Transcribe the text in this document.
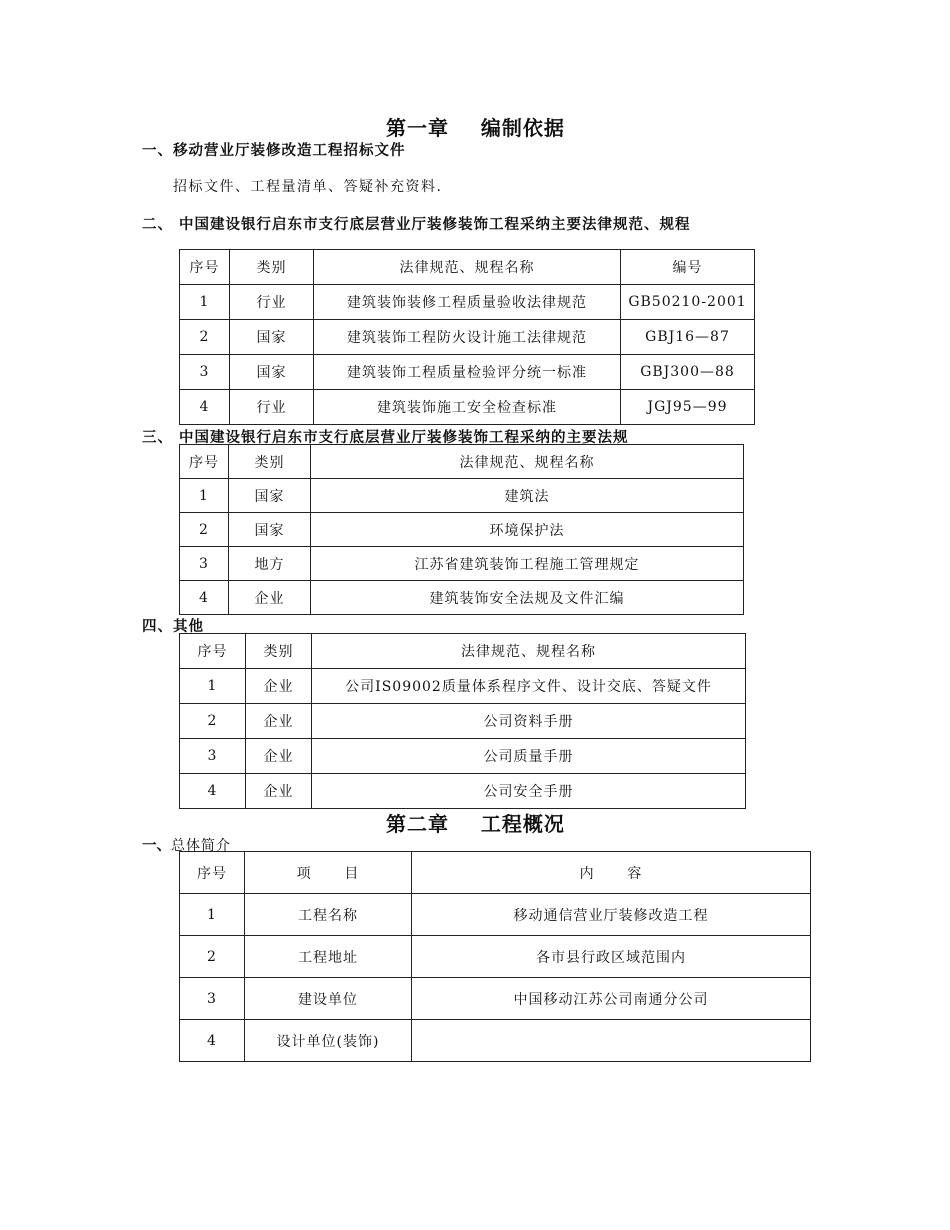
第一章    编制依据
一、移动营业厅装修改造工程招标文件
招标文件、工程量清单、答疑补充资料.
二、 中国建设银行启东市支行底层营业厅装修装饰工程采纳主要法律规范、规程
序号	类别	法律规范、规程名称	编号
1	行业	建筑装饰装修工程质量验收法律规范	GB50210-2001
2	国家	建筑装饰工程防火设计施工法律规范	GBJ16—87
3	国家	建筑装饰工程质量检验评分统一标准	GBJ300—88
4	行业	建筑装饰施工安全检查标准	JGJ95—99
三、 中国建设银行启东市支行底层营业厅装修装饰工程采纳的主要法规
序号	类别	法律规范、规程名称
1	国家	建筑法
2	国家	环境保护法
3	地方	江苏省建筑装饰工程施工管理规定
4	企业	建筑装饰安全法规及文件汇编
四、其他
序号	类别	法律规范、规程名称
1	企业	公司IS09002质量体系程序文件、设计交底、答疑文件
2	企业	公司资料手册
3	企业	公司质量手册
4	企业	公司安全手册
第二章    工程概况
一、总体简介
序号	项      目	内      容
1	工程名称	移动通信营业厅装修改造工程
2	工程地址	各市县行政区域范围内
3	建设单位	中国移动江苏公司南通分公司
4	设计单位(装饰)	
